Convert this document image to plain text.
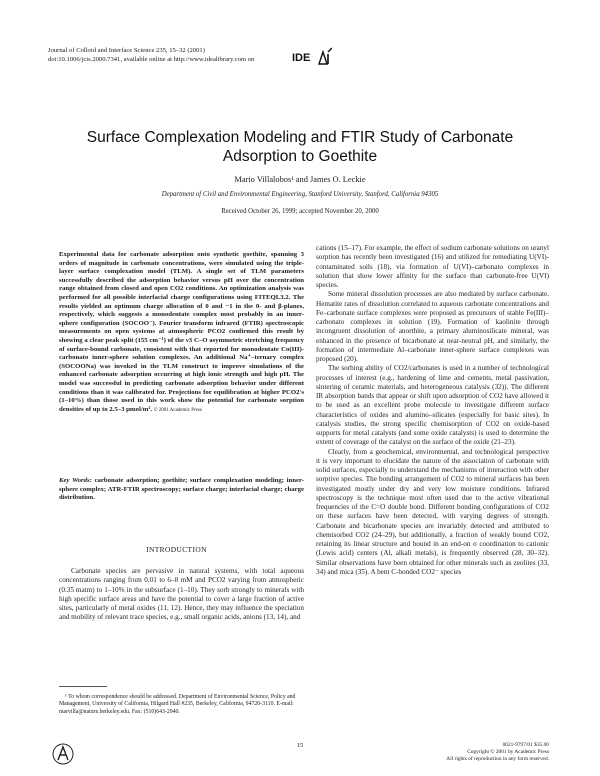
Journal of Colloid and Interface Science 235, 15–32 (2001)
doi:10.1006/jcis.2000.7341, available online at http://www.idealibrary.com on	IDE
Surface Complexation Modeling and FTIR Study of Carbonate Adsorption to Goethite
Mario Villalobos¹ and James O. Leckie
Department of Civil and Environmental Engineering, Stanford University, Stanford, California 94305
Received October 26, 1999; accepted November 20, 2000
Experimental data for carbonate adsorption onto synthetic goethite, spanning 3 orders of magnitude in carbonate concentrations, were simulated using the triple-layer surface complexation model (TLM). A single set of TLM parameters successfully described the adsorption behavior versus pH over the concentration range obtained from closed and open CO2 conditions. An optimization analysis was performed for all possible interfacial charge configurations using FITEQL3.2. The results yielded an optimum charge allocation of 0 and −1 in the 0- and β-planes, respectively, which suggests a monodentate complex most probably in an inner-sphere configuration (SOCOO⁻). Fourier transform infrared (FTIR) spectroscopic measurements on open systems at atmospheric PCO2 confirmed this result by showing a clear peak split (155 cm⁻¹) of the ν3 C–O asymmetric stretching frequency of surface-bound carbonate, consistent with that reported for monodentate Co(III)-carbonato inner-sphere solution complexes. An additional Na⁺–ternary complex (SOCOONa) was invoked in the TLM construct to improve simulations of the enhanced carbonate adsorption occurring at high ionic strength and high pH. The model was successful in predicting carbonate adsorption behavior under different conditions than it was calibrated for. Projections for equilibration at higher PCO2's (1–10%) than those used in this work show the potential for carbonate sorption densities of up to 2.5–3 μmol/m². © 2001 Academic Press
Key Words: carbonate adsorption; goethite; surface complexation modeling; inner-sphere complex; ATR-FTIR spectroscopy; surface charge; interfacial charge; charge distribution.
INTRODUCTION

Carbonate species are pervasive in natural systems, with total aqueous concentrations ranging from 0.01 to 6–8 mM and PCO2 varying from atmospheric (0.35 matm) to 1–10% in the subsurface (1–10). They sorb strongly to minerals with high specific surface areas and have the potential to cover a large fraction of active sites, particularly of metal oxides (11, 12). Hence, they may influence the speciation and mobility of relevant trace species, e.g., small organic acids, anions (13, 14), and

¹ To whom correspondence should be addressed. Department of Environmental Science, Policy and Management, University of California, Hilgard Hall #235, Berkeley, California, 94720-3110. E-mail: marvilla@nature.berkeley.edu. Fax: (510)643-2940.

cations (15–17). For example, the effect of sodium carbonate solutions on uranyl sorption has recently been investigated (16) and utilized for remediating U(VI)-contaminated soils (18), via formation of U(VI)–carbonato complexes in solution that show lower affinity for the surface than carbonate-free U(VI) species.

Some mineral dissolution processes are also mediated by surface carbonate. Hematite rates of dissolution correlated to aqueous carbonate concentrations and Fe–carbonate surface complexes were proposed as precursors of stable Fe(III)–carbonato complexes in solution (19). Formation of kaolinite through incongruent dissolution of anorthite, a primary aluminosilicate mineral, was enhanced in the presence of bicarbonate at near-neutral pH, and similarly, the formation of intermediate Al–carbonate inner-sphere surface complexes was proposed (20).

The sorbing ability of CO2/carbonates is used in a number of technological processes of interest (e.g., hardening of lime and cements, metal passivation, sintering of ceramic materials, and heterogeneous catalysis (32)). The different IR absorption bands that appear or shift upon adsorption of CO2 have allowed it to be used as an excellent probe molecule to investigate different surface characteristics of oxides and alumino–silicates (especially for basic sites). In catalysis studies, the strong specific chemisorption of CO2 on oxide-based supports for metal catalysts (and some oxide catalysts) is used to determine the extent of coverage of the catalyst on the surface of the oxide (21–23).

Clearly, from a geochemical, environmental, and technological perspective it is very important to elucidate the nature of the association of carbonate with solid surfaces, especially to understand the mechanisms of interaction with other sorptive species. The bonding arrangement of CO2 to mineral surfaces has been investigated mostly under dry and very low moisture conditions. Infrared spectroscopy is the technique most often used due to the active vibrational frequencies of the C=O double bond. Different bonding configurations of CO2 on these surfaces have been detected, with varying degrees of strength. Carbonate and bicarbonate species are invariably detected and attributed to chemisorbed CO2 (24–29), but additionally, a fraction of weakly bound CO2, retaining its linear structure and bound in an end-on σ coordination to cationic (Lewis acid) centers (Al, alkali metals), is frequently observed (28, 30–32). Similar observations have been obtained for other minerals such as zeolites (33, 34) and mica (35). A bent C-bonded CO2⁻ species

15	0021-9797/01 $35.00
Copyright © 2001 by Academic Press
All rights of reproduction in any form reserved.
